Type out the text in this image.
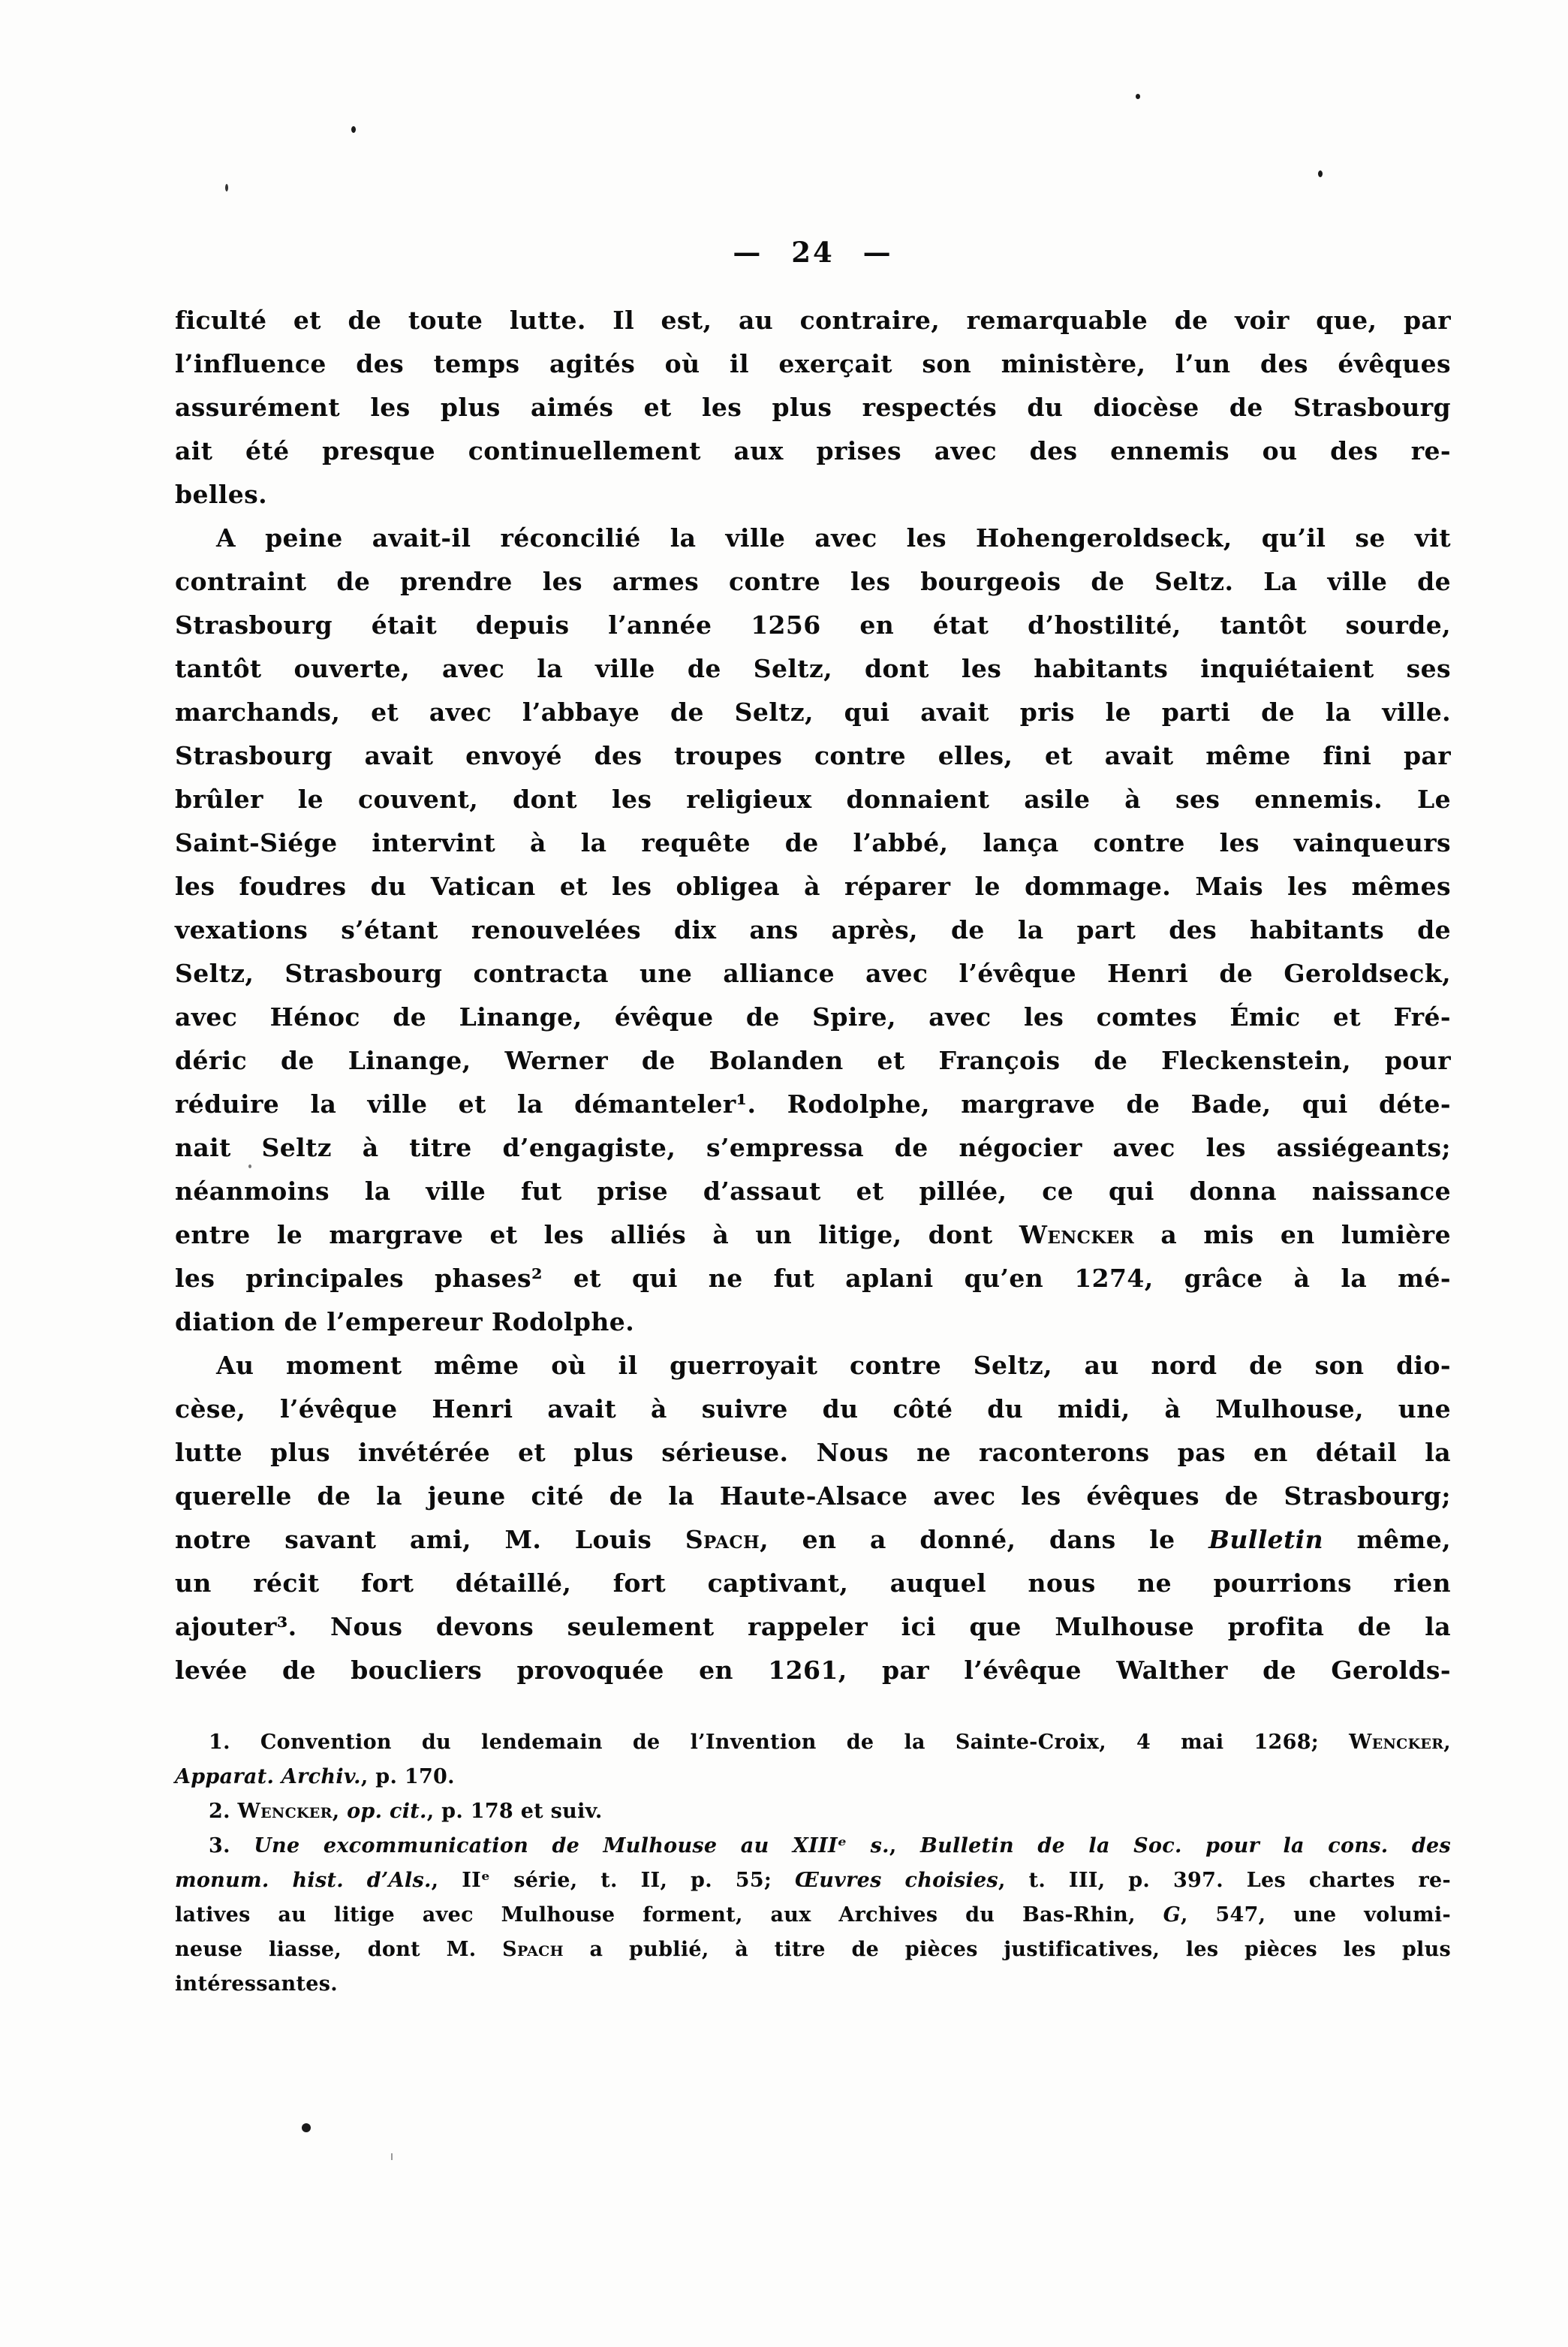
— 24 —
ficulté et de toute lutte. Il est, au contraire, remarquable de voir que, par
l’influence des temps agités où il exerçait son ministère, l’un des évêques
assurément les plus aimés et les plus respectés du diocèse de Strasbourg
ait été presque continuellement aux prises avec des ennemis ou des re-
belles.
A peine avait-il réconcilié la ville avec les Hohengeroldseck, qu’il se vit
contraint de prendre les armes contre les bourgeois de Seltz. La ville de
Strasbourg était depuis l’année 1256 en état d’hostilité, tantôt sourde,
tantôt ouverte, avec la ville de Seltz, dont les habitants inquiétaient ses
marchands, et avec l’abbaye de Seltz, qui avait pris le parti de la ville.
Strasbourg avait envoyé des troupes contre elles, et avait même fini par
brûler le couvent, dont les religieux donnaient asile à ses ennemis. Le
Saint-Siége intervint à la requête de l’abbé, lança contre les vainqueurs
les foudres du Vatican et les obligea à réparer le dommage. Mais les mêmes
vexations s’étant renouvelées dix ans après, de la part des habitants de
Seltz, Strasbourg contracta une alliance avec l’évêque Henri de Geroldseck,
avec Hénoc de Linange, évêque de Spire, avec les comtes Émic et Fré-
déric de Linange, Werner de Bolanden et François de Fleckenstein, pour
réduire la ville et la démanteler¹. Rodolphe, margrave de Bade, qui déte-
nait Seltz à titre d’engagiste, s’empressa de négocier avec les assiégeants;
néanmoins la ville fut prise d’assaut et pillée, ce qui donna naissance
entre le margrave et les alliés à un litige, dont Wencker a mis en lumière
les principales phases² et qui ne fut aplani qu’en 1274, grâce à la mé-
diation de l’empereur Rodolphe.
Au moment même où il guerroyait contre Seltz, au nord de son dio-
cèse, l’évêque Henri avait à suivre du côté du midi, à Mulhouse, une
lutte plus invétérée et plus sérieuse. Nous ne raconterons pas en détail la
querelle de la jeune cité de la Haute-Alsace avec les évêques de Strasbourg;
notre savant ami, M. Louis Spach, en a donné, dans le Bulletin même,
un récit fort détaillé, fort captivant, auquel nous ne pourrions rien
ajouter³. Nous devons seulement rappeler ici que Mulhouse profita de la
levée de boucliers provoquée en 1261, par l’évêque Walther de Gerolds-
1. Convention du lendemain de l’Invention de la Sainte-Croix, 4 mai 1268; Wencker,
Apparat. Archiv., p. 170.
2. Wencker, op. cit., p. 178 et suiv.
3. Une excommunication de Mulhouse au XIIIᵉ s., Bulletin de la Soc. pour la cons. des
monum. hist. d’Als., IIᵉ série, t. II, p. 55; Œuvres choisies, t. III, p. 397. Les chartes re-
latives au litige avec Mulhouse forment, aux Archives du Bas-Rhin, G, 547, une volumi-
neuse liasse, dont M. Spach a publié, à titre de pièces justificatives, les pièces les plus
intéressantes.
